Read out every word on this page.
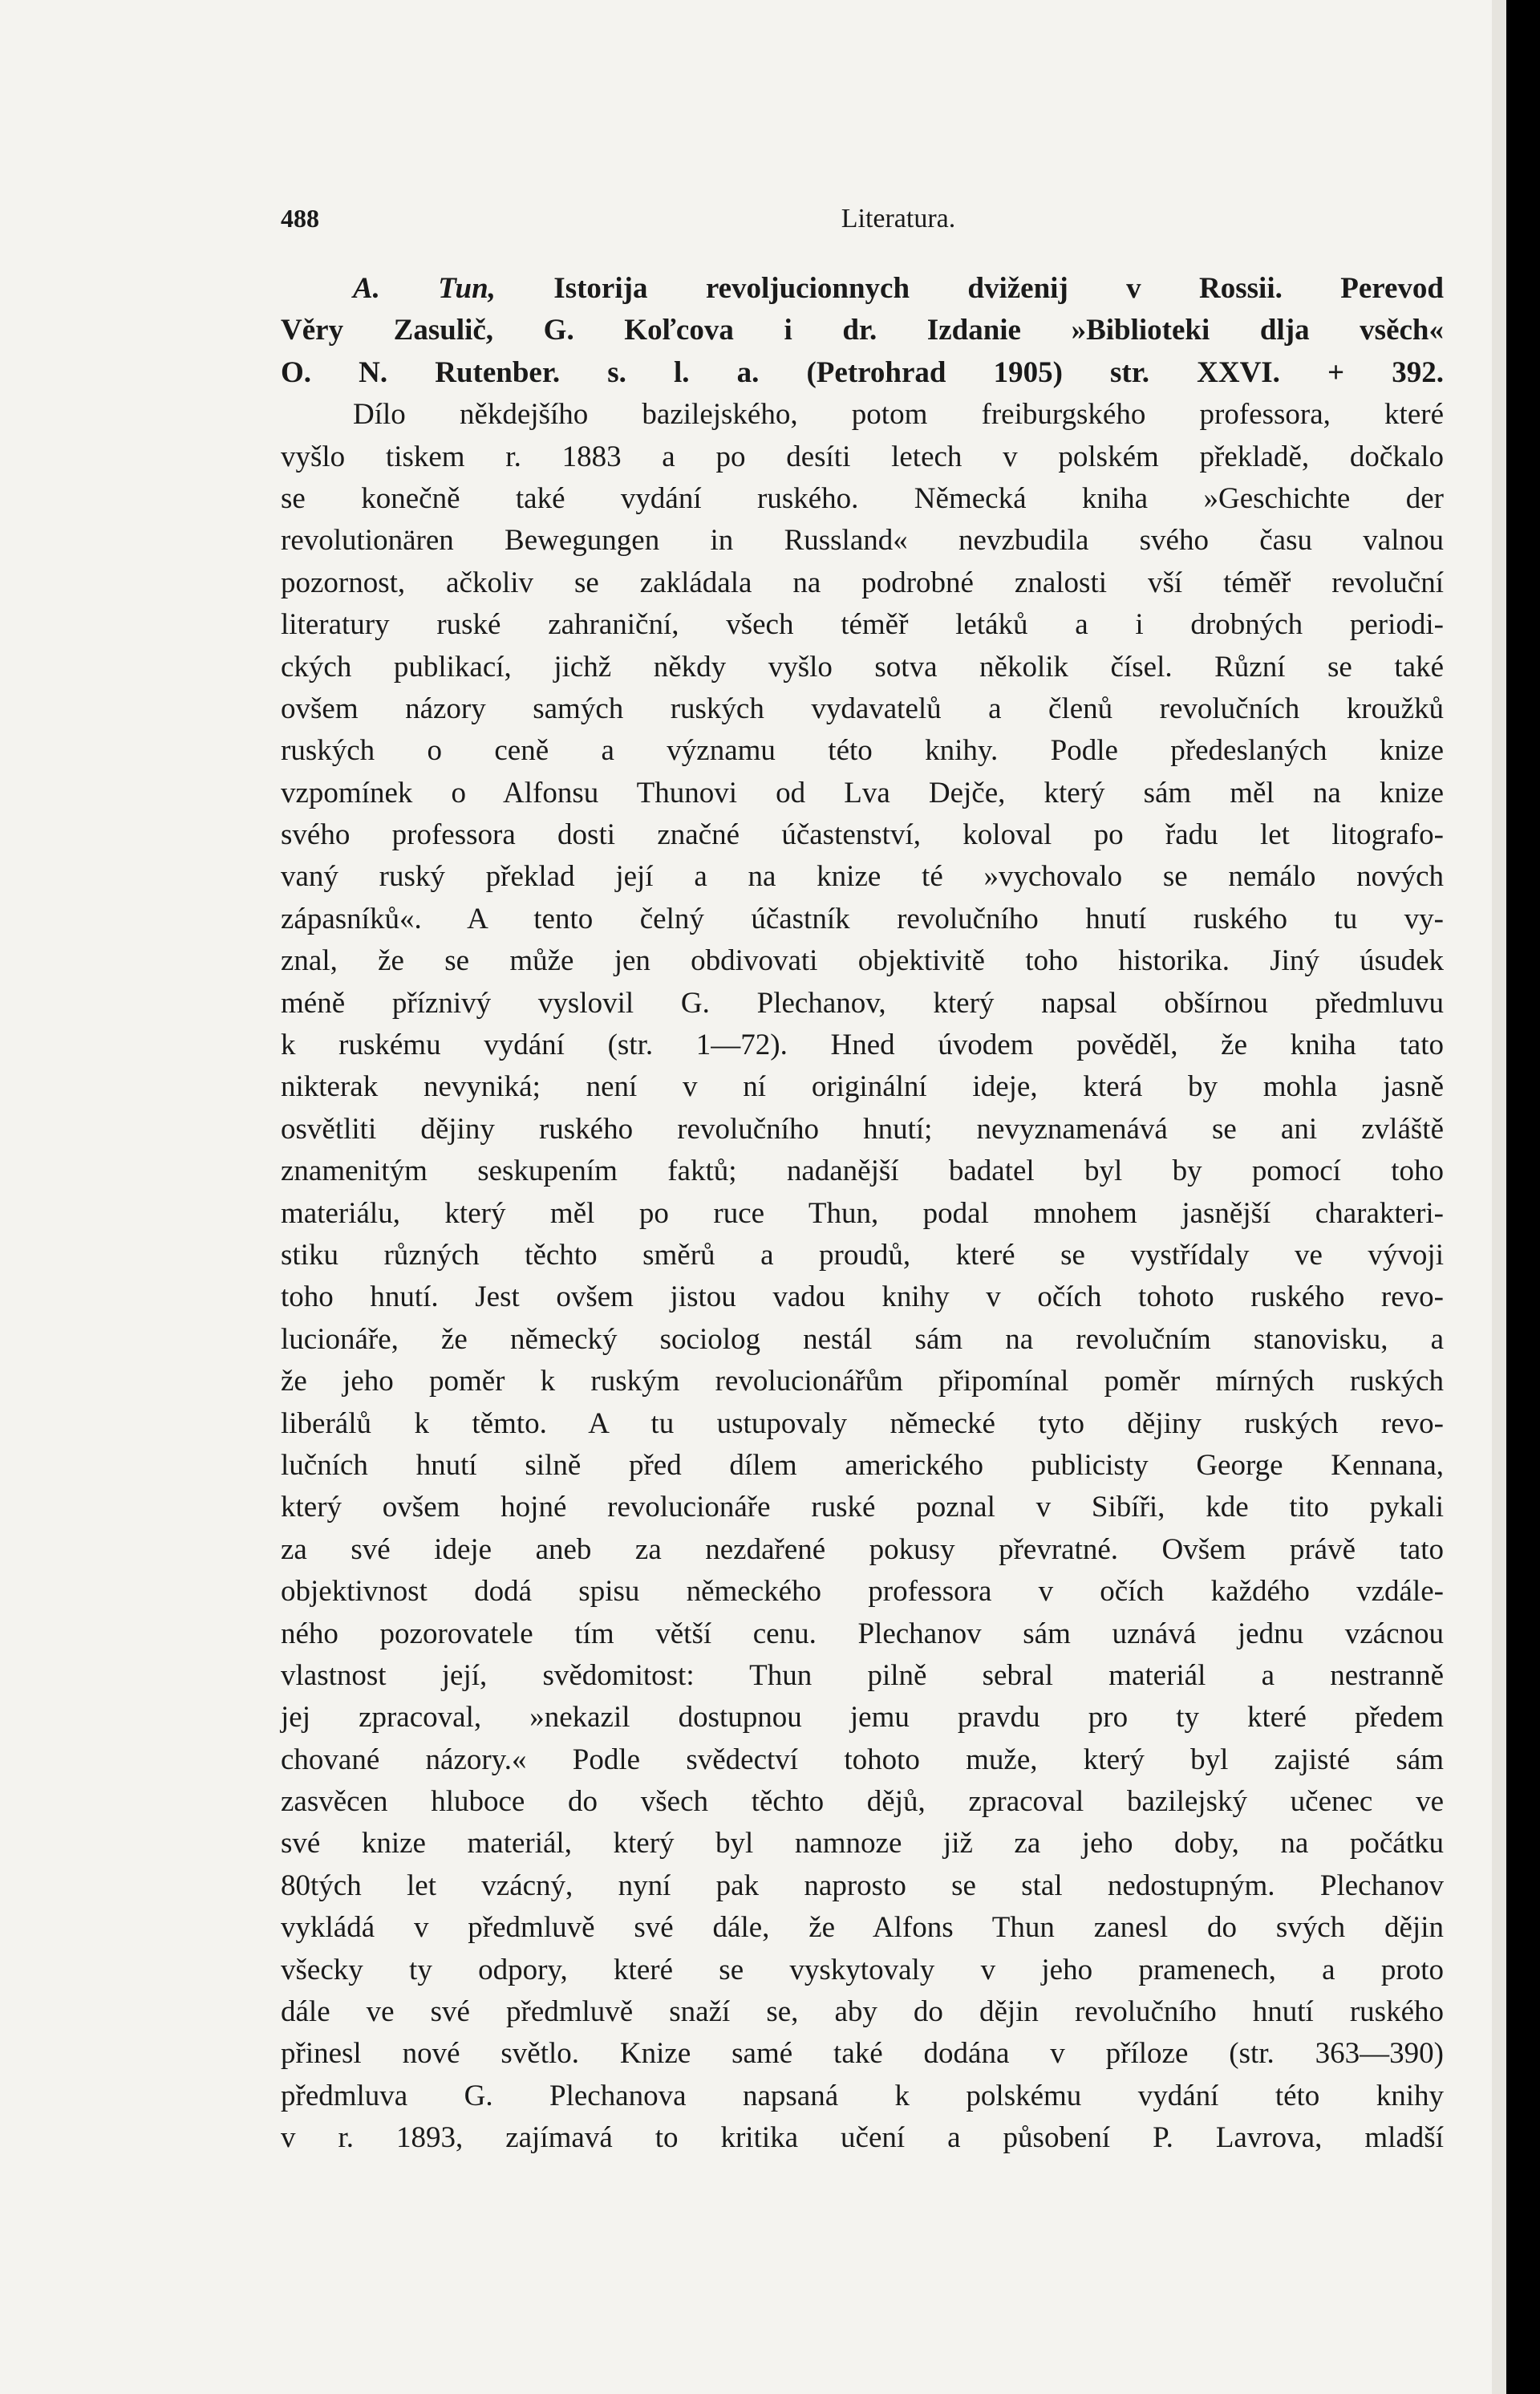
488	Literatura.
A. Tun, Istorija revoljucionnych dviženij v Rossii. Perevod
Věry Zasulič, G. Koľcova i dr. Izdanie »Biblioteki dlja vsěch«
O. N. Rutenber. s. l. a. (Petrohrad 1905) str. XXVI. + 392.
Dílo někdejšího bazilejského, potom freiburgského professora, které
vyšlo tiskem r. 1883 a po desíti letech v polském překladě, dočkalo
se konečně také vydání ruského. Německá kniha »Geschichte der
revolutionären Bewegungen in Russland« nevzbudila svého času valnou
pozornost, ačkoliv se zakládala na podrobné znalosti vší téměř revoluční
literatury ruské zahraniční, všech téměř letáků a i drobných periodi-
ckých publikací, jichž někdy vyšlo sotva několik čísel. Různí se také
ovšem názory samých ruských vydavatelů a členů revolučních kroužků
ruských o ceně a významu této knihy. Podle předeslaných knize
vzpomínek o Alfonsu Thunovi od Lva Dejče, který sám měl na knize
svého professora dosti značné účastenství, koloval po řadu let litografo-
vaný ruský překlad její a na knize té »vychovalo se nemálo nových
zápasníků«. A tento čelný účastník revolučního hnutí ruského tu vy-
znal, že se může jen obdivovati objektivitě toho historika. Jiný úsudek
méně příznivý vyslovil G. Plechanov, který napsal obšírnou předmluvu
k ruskému vydání (str. 1—72). Hned úvodem pověděl, že kniha tato
nikterak nevyniká; není v ní originální ideje, která by mohla jasně
osvětliti dějiny ruského revolučního hnutí; nevyznamenává se ani zvláště
znamenitým seskupením faktů; nadanější badatel byl by pomocí toho
materiálu, který měl po ruce Thun, podal mnohem jasnější charakteri-
stiku různých těchto směrů a proudů, které se vystřídaly ve vývoji
toho hnutí. Jest ovšem jistou vadou knihy v očích tohoto ruského revo-
lucionáře, že německý sociolog nestál sám na revolučním stanovisku, a
že jeho poměr k ruským revolucionářům připomínal poměr mírných ruských
liberálů k těmto. A tu ustupovaly německé tyto dějiny ruských revo-
lučních hnutí silně před dílem amerického publicisty George Kennana,
který ovšem hojné revolucionáře ruské poznal v Sibíři, kde tito pykali
za své ideje aneb za nezdařené pokusy převratné. Ovšem právě tato
objektivnost dodá spisu německého professora v očích každého vzdále-
ného pozorovatele tím větší cenu. Plechanov sám uznává jednu vzácnou
vlastnost její, svědomitost: Thun pilně sebral materiál a nestranně
jej zpracoval, »nekazil dostupnou jemu pravdu pro ty které předem
chované názory.« Podle svědectví tohoto muže, který byl zajisté sám
zasvěcen hluboce do všech těchto dějů, zpracoval bazilejský učenec ve
své knize materiál, který byl namnoze již za jeho doby, na počátku
80tých let vzácný, nyní pak naprosto se stal nedostupným. Plechanov
vykládá v předmluvě své dále, že Alfons Thun zanesl do svých dějin
všecky ty odpory, které se vyskytovaly v jeho pramenech, a proto
dále ve své předmluvě snaží se, aby do dějin revolučního hnutí ruského
přinesl nové světlo. Knize samé také dodána v příloze (str. 363—390)
předmluva G. Plechanova napsaná k polskému vydání této knihy
v r. 1893, zajímavá to kritika učení a působení P. Lavrova, mladší
